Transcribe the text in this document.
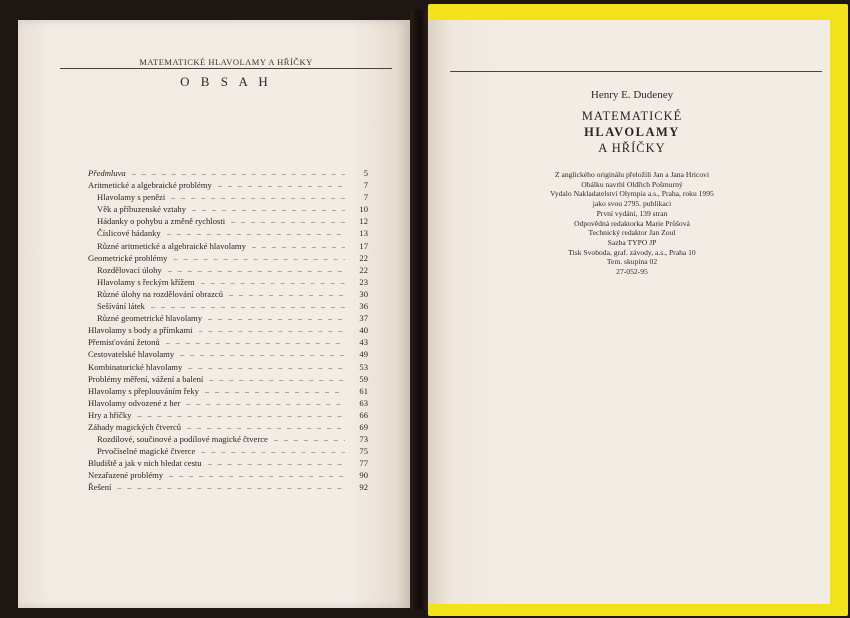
MATEMATICKÉ HLAVOLAMY A HŘÍČKY
O B S A H
Předmluva – – –	5
Aritmetické a algebraické problémy – – –	7
Hlavolamy s penězi – – –	7
Věk a příbuzenské vztahy – – –	10
Hádanky o pohybu a změně rychlosti – – –	12
Číslicové hádanky – – –	13
Různé aritmetické a algebraické hlavolamy – – –	17
Geometrické problémy – – –	22
Rozdělovací úlohy – – –	22
Hlavolamy s řeckým křížem – – –	23
Různé úlohy na rozdělování obrazců – – –	30
Sešívání látek – – –	36
Různé geometrické hlavolamy – – –	37
Hlavolamy s body a přímkami – – –	40
Přemisťování žetonů – – –	43
Cestovatelské hlavolamy – – –	49
Kombinatorické hlavolamy – – –	53
Problémy měření, vážení a balení – – –	59
Hlavolamy s přeplouváním řeky – – –	61
Hlavolamy odvozené z her – – –	63
Hry a hříčky – – –	66
Záhady magických čtverců – – –	69
Rozdílové, součinové a podílové magické čtverce – – –	73
Prvočíselné magické čtverce – – –	75
Bludiště a jak v nich hledat cestu – – –	77
Nezařazené problémy – – –	90
Řešení – – –	92
Henry E. Dudeney
MATEMATICKÉ
HLAVOLAMY
A HŘÍČKY
Z anglického originálu přeložili Jan a Jana Hricovi
Obálku navrhl Oldřich Pošmurný
Vydalo Nakladatelství Olympia a.s., Praha, roku 1995
jako svou 2795. publikaci
První vydání, 139 stran
Odpovědná redaktorka Marie Průšová
Technický redaktor Jan Zoul
Sazba TYPO JP
Tisk Svoboda, graf. závody, a.s., Praha 10
Tem. skupina 02
27-052-95
